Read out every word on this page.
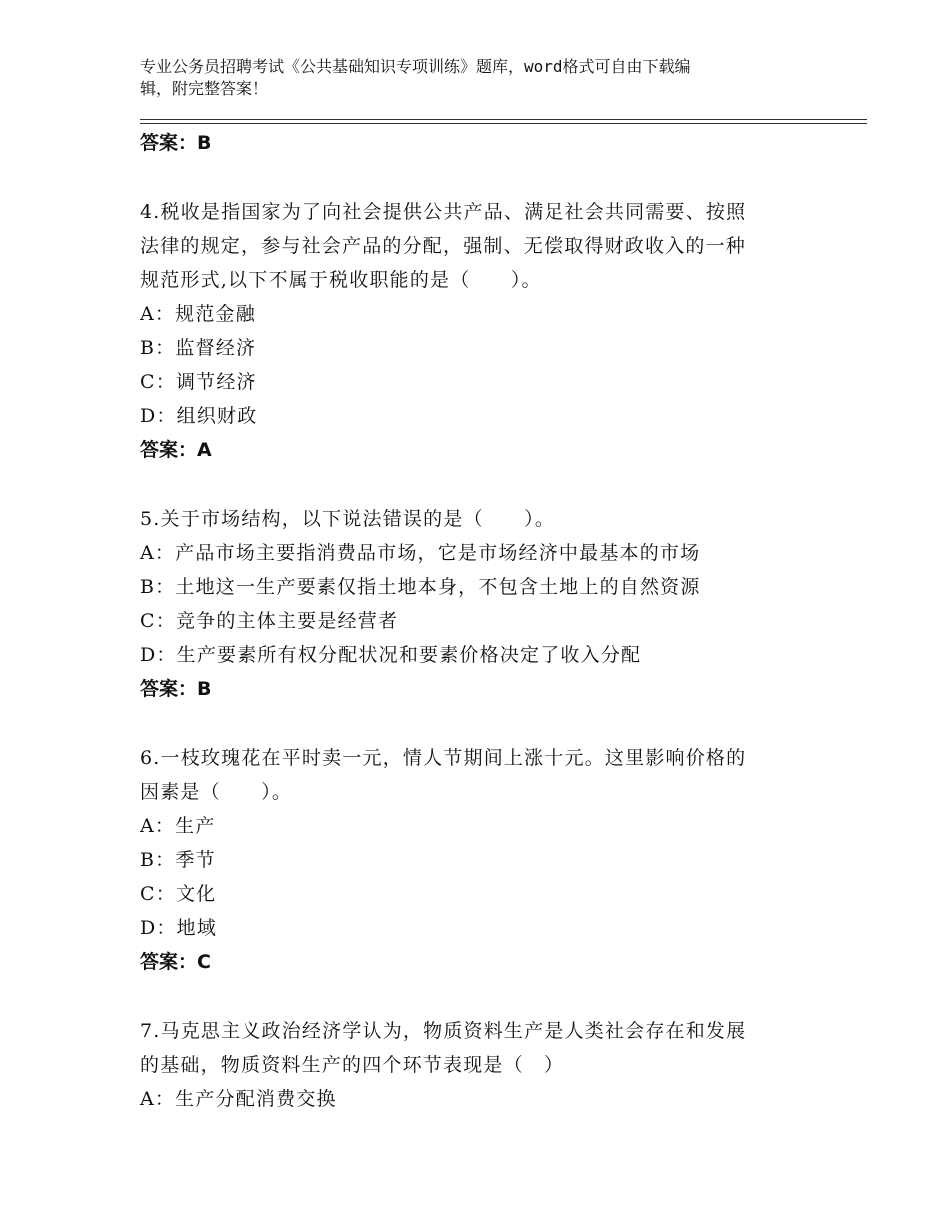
专业公务员招聘考试《公共基础知识专项训练》题库，word格式可自由下载编
辑，附完整答案！
答案：B
4.税收是指国家为了向社会提供公共产品、满足社会共同需要、按照
法律的规定，参与社会产品的分配，强制、无偿取得财政收入的一种
规范形式,以下不属于税收职能的是（　　）。
A：规范金融
B：监督经济
C：调节经济
D：组织财政
答案：A
5.关于市场结构，以下说法错误的是（　　）。
A：产品市场主要指消费品市场，它是市场经济中最基本的市场
B：土地这一生产要素仅指土地本身，不包含土地上的自然资源
C：竞争的主体主要是经营者
D：生产要素所有权分配状况和要素价格决定了收入分配
答案：B
6.一枝玫瑰花在平时卖一元，情人节期间上涨十元。这里影响价格的
因素是（　　）。
A：生产
B：季节
C：文化
D：地域
答案：C
7.马克思主义政治经济学认为，物质资料生产是人类社会存在和发展
的基础，物质资料生产的四个环节表现是（　）
A：生产分配消费交换
